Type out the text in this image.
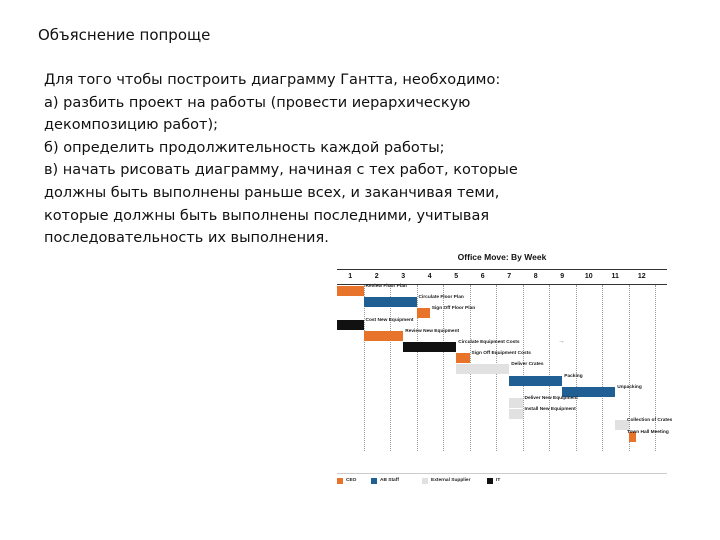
Объяснение попроще
Для того чтобы построить диаграмму Гантта, необходимо:
а) разбить проект на работы (провести иерархическую
декомпозицию работ);
б) определить продолжительность каждой работы;
в) начать рисовать диаграмму, начиная с тех работ, которые
должны быть выполнены раньше всех, и заканчивая теми,
которые должны быть выполнены последними, учитывая
последовательность их выполнения.
Office Move: By Week
1	2	3	4	5	6	7	8	9	10	11	12
→
CEO	AB Staff	External Supplier	IT
Review Floor Plan
Circulate Floor Plan
Sign Off Floor Plan
Cost New Equipment
Review New Equipment
Circulate Equipment Costs
Sign Off Equipment Costs
Deliver Crates
Packing
Unpacking
Deliver New Equipment
Install New Equipment
Collection of Crates
Town Hall Meeting
